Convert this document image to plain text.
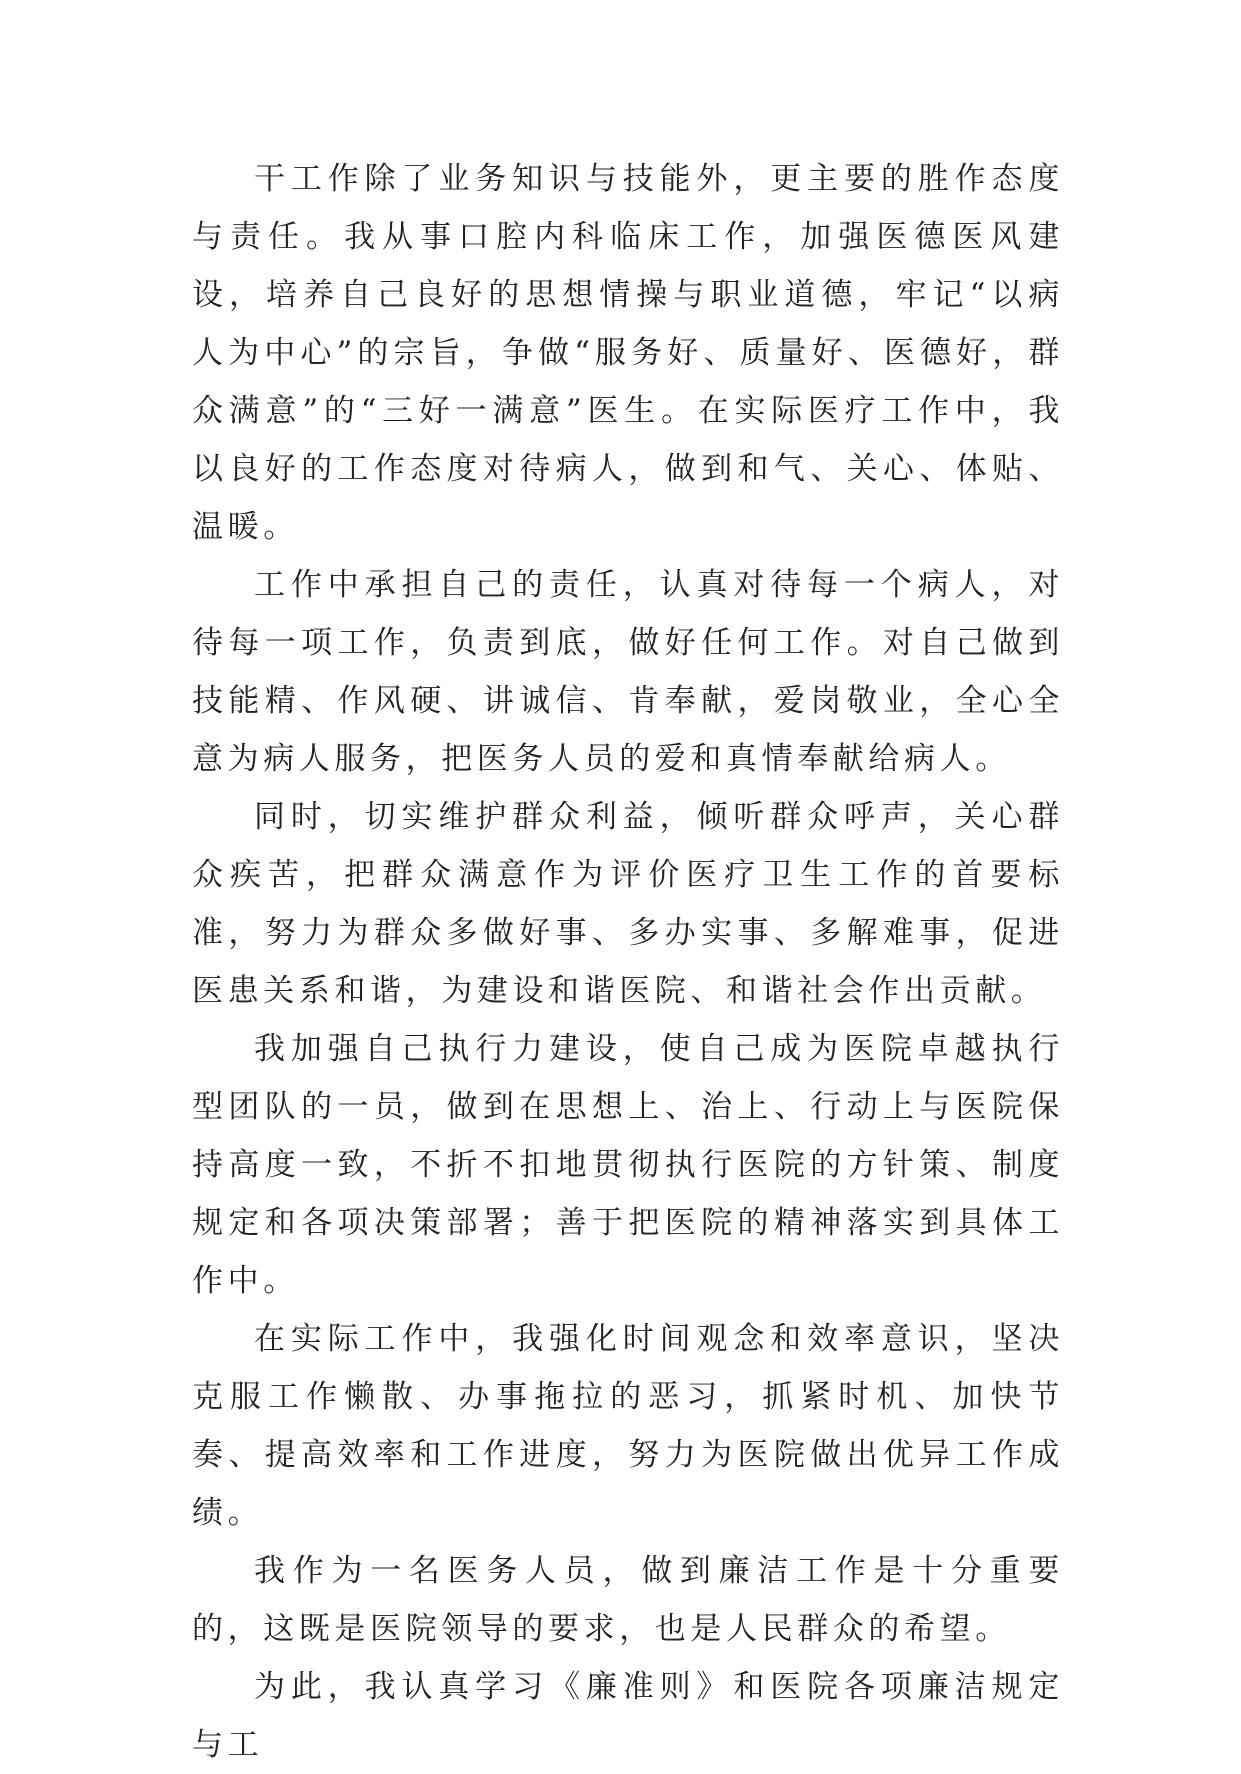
干工作除了业务知识与技能外，更主要的胜作态度与责任。我从事口腔内科临床工作，加强医德医风建设，培养自己良好的思想情操与职业道德，牢记“以病人为中心”的宗旨，争做“服务好、质量好、医德好，群众满意”的“三好一满意”医生。在实际医疗工作中，我以良好的工作态度对待病人，做到和气、关心、体贴、温暖。

工作中承担自己的责任，认真对待每一个病人，对待每一项工作，负责到底，做好任何工作。对自己做到技能精、作风硬、讲诚信、肯奉献，爱岗敬业，全心全意为病人服务，把医务人员的爱和真情奉献给病人。

同时，切实维护群众利益，倾听群众呼声，关心群众疾苦，把群众满意作为评价医疗卫生工作的首要标准，努力为群众多做好事、多办实事、多解难事，促进医患关系和谐，为建设和谐医院、和谐社会作出贡献。

我加强自己执行力建设，使自己成为医院卓越执行型团队的一员，做到在思想上、治上、行动上与医院保持高度一致，不折不扣地贯彻执行医院的方针策、制度规定和各项决策部署；善于把医院的精神落实到具体工作中。

在实际工作中，我强化时间观念和效率意识，坚决克服工作懒散、办事拖拉的恶习，抓紧时机、加快节奏、提高效率和工作进度，努力为医院做出优异工作成绩。

我作为一名医务人员，做到廉洁工作是十分重要的，这既是医院领导的要求，也是人民群众的希望。

为此，我认真学习《廉准则》和医院各项廉洁规定与工
